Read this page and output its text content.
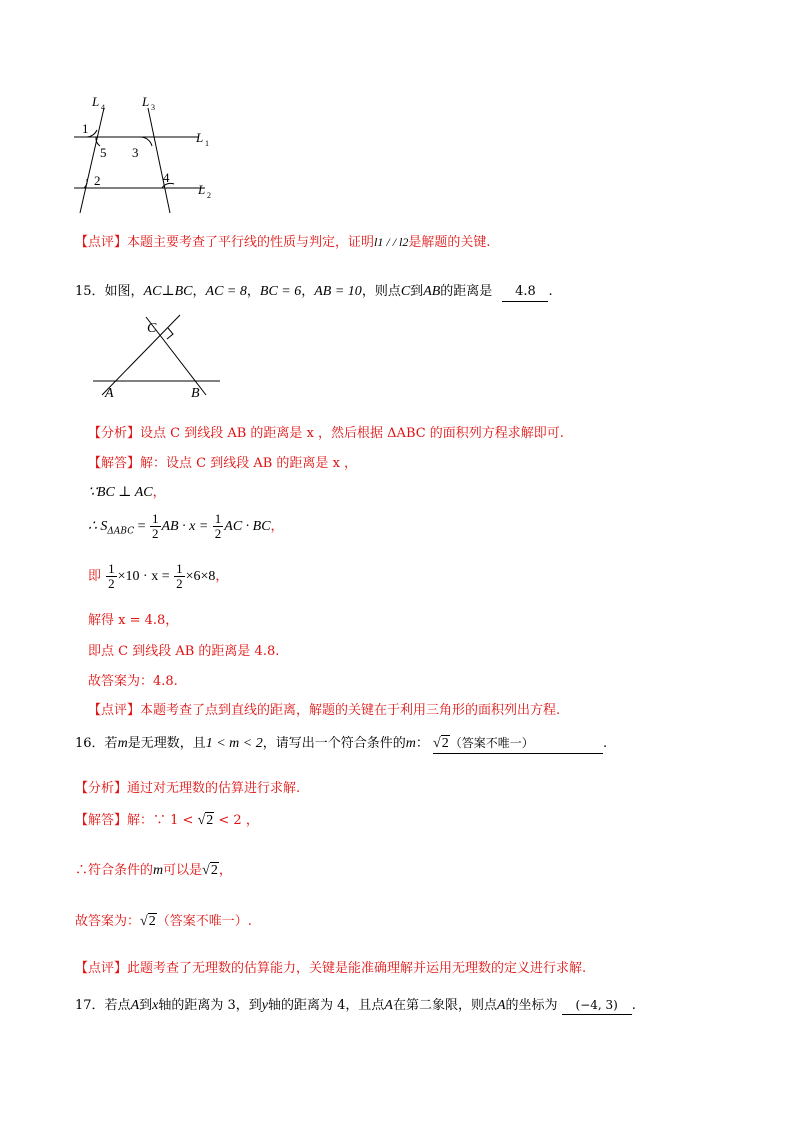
L 4	L 3
L 1
L 2
1
5 3
2	4
【点评】本题主要考查了平行线的性质与判定，证明l1 / / l2是解题的关键.
15．如图，AC⊥BC，AC = 8，BC = 6，AB = 10，则点C到AB的距离是 4.8 .
C
A	B
【分析】设点 C 到线段 AB 的距离是 x ，然后根据 ΔABC 的面积列方程求解即可.
【解答】解：设点 C 到线段 AB 的距离是 x ，
∵BC ⊥ AC，
∴ $S_{\Delta ABC} = \frac{1}{2}$ AB · $x = \frac{1}{2}$ AC · BC，
即 $\frac{1}{2} \times 10 \cdot x = \frac{1}{2} \times 6\times 8$，
解得 x = 4.8，
即点 C 到线段 AB 的距离是 4.8.
故答案为：4.8.
【点评】本题考查了点到直线的距离，解题的关键在于利用三角形的面积列出方程.
16．若m是无理数，且1 < m < 2，请写出一个符合条件的m： √2（答案不唯一）	.
【分析】通过对无理数的估算进行求解.
【解答】解：∵ 1 < √2 < 2 ，
∴符合条件的m可以是√2，
故答案为：√2（答案不唯一）.
【点评】此题考查了无理数的估算能力，关键是能准确理解并运用无理数的定义进行求解.
17．若点A到x轴的距离为 3，到y轴的距离为 4，且点A在第二象限，则点A的坐标为 (−4, 3) .
